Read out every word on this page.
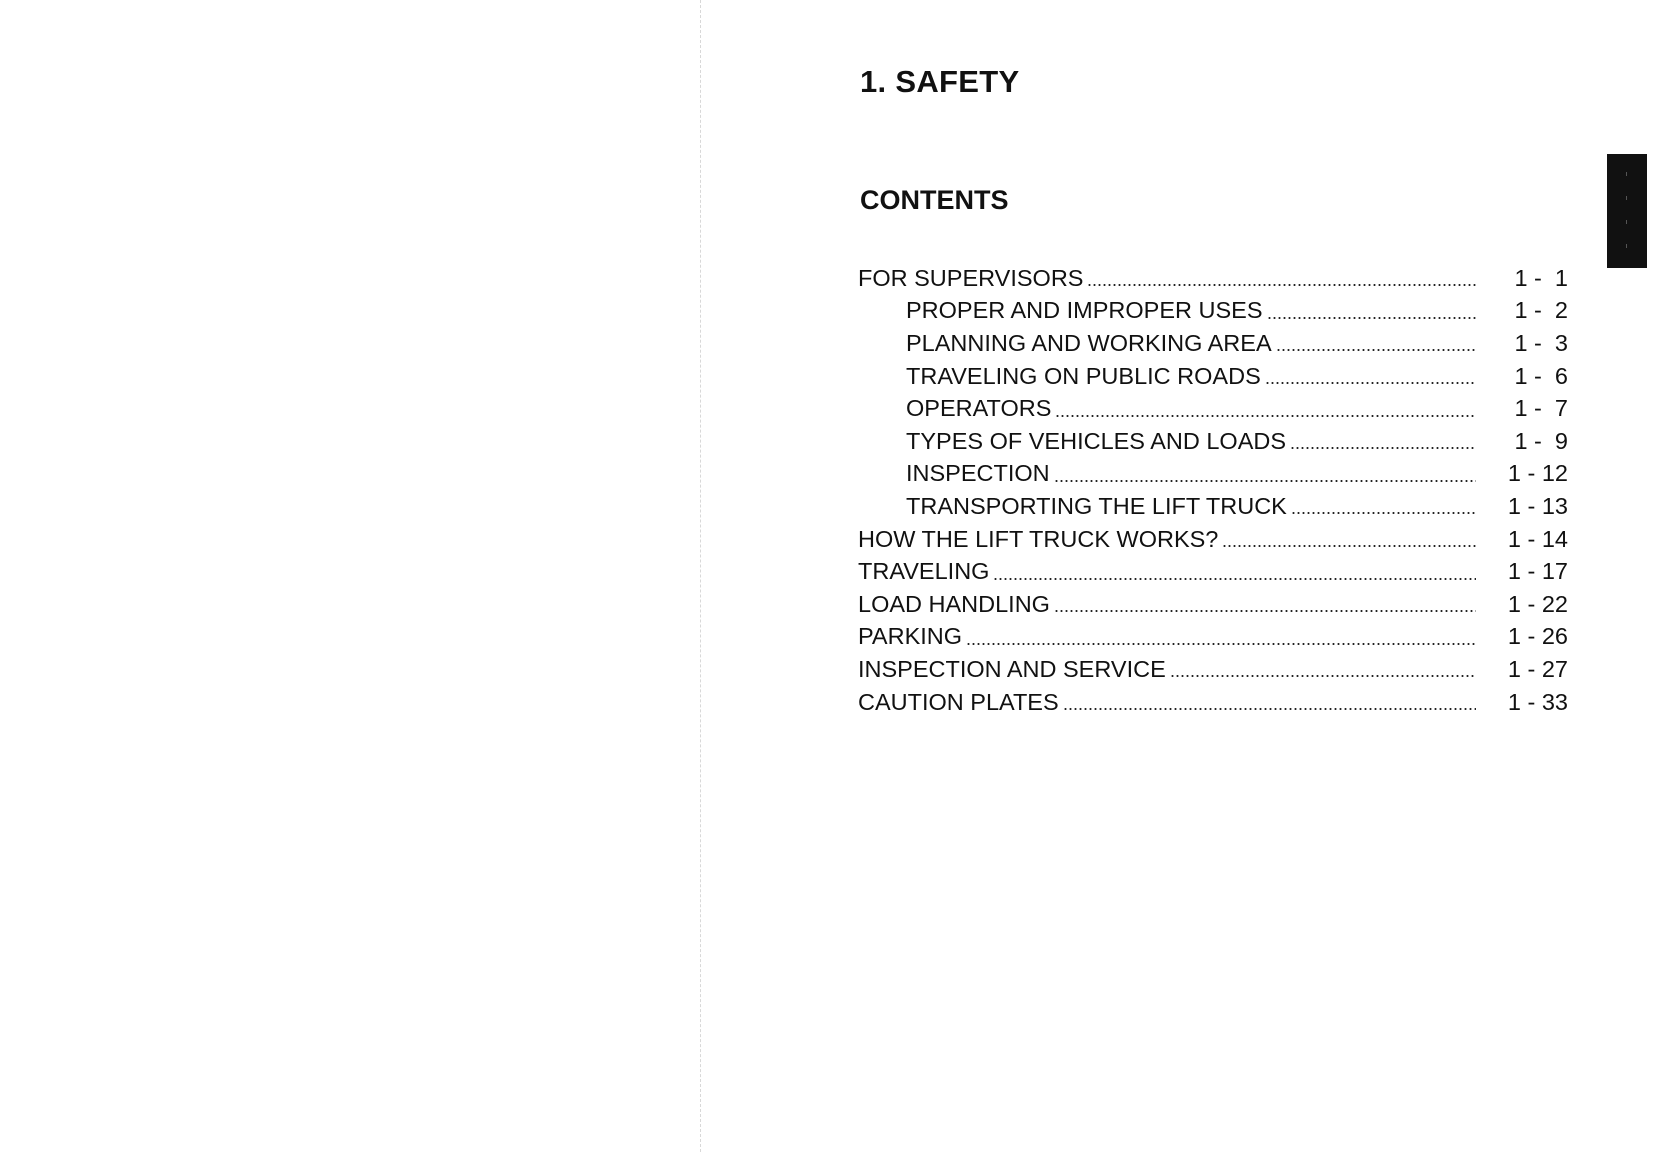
1. SAFETY
CONTENTS
FOR SUPERVISORS	1 -  1
PROPER AND IMPROPER USES	1 -  2
PLANNING AND WORKING AREA	1 -  3
TRAVELING ON PUBLIC ROADS	1 -  6
OPERATORS	1 -  7
TYPES OF VEHICLES AND LOADS	1 -  9
INSPECTION	1 - 12
TRANSPORTING THE LIFT TRUCK	1 - 13
HOW THE LIFT TRUCK WORKS?	1 - 14
TRAVELING	1 - 17
LOAD HANDLING	1 - 22
PARKING	1 - 26
INSPECTION AND SERVICE	1 - 27
CAUTION PLATES	1 - 33
